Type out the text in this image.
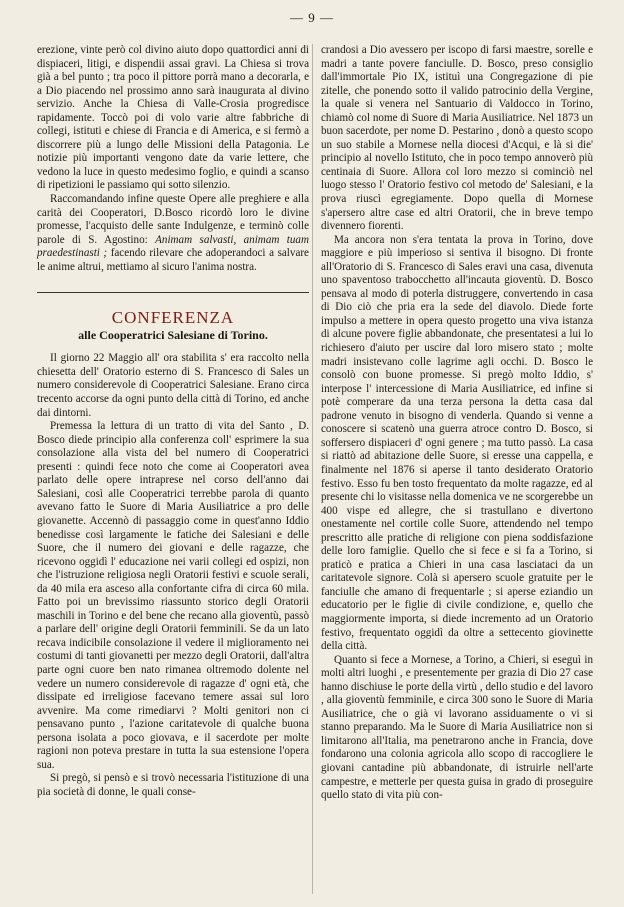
— 9 —

erezione, vinte però col divino aiuto dopo quattordici anni di dispiaceri, litigi, e dispendii assai gravi. La Chiesa si trova già a bel punto ; tra poco il pittore porrà mano a decorarla, e a Dio piacendo nel prossimo anno sarà inaugurata al divino servizio. Anche la Chiesa di Valle-Crosia progredisce rapidamente. Toccò poi di volo varie altre fabbriche di collegi, istituti e chiese di Francia e di America, e si fermò a discorrere più a lungo delle Missioni della Patagonia. Le notizie più importanti vengono date da varie lettere, che vedono la luce in questo medesimo foglio, e quindi a scanso di ripetizioni le passiamo qui sotto silenzio.

Raccomandando infine queste Opere alle preghiere e alla carità dei Cooperatori, D.Bosco ricordò loro le divine promesse, l'acquisto delle sante Indulgenze, e terminò colle parole di S. Agostino: Animam salvasti, animam tuam praedestinasti ; facendo rilevare che adoperandoci a salvare le anime altrui, mettiamo al sicuro l'anima nostra.

CONFERENZA
alle Cooperatrici Salesiane di Torino.

Il giorno 22 Maggio all' ora stabilita s' era raccolto nella chiesetta dell' Oratorio esterno di S. Francesco di Sales un numero considerevole di Cooperatrici Salesiane. Erano circa trecento accorse da ogni punto della città di Torino, ed anche dai dintorni.

Premessa la lettura di un tratto di vita del Santo , D. Bosco diede principio alla conferenza coll' esprimere la sua consolazione alla vista del bel numero di Cooperatrici presenti : quindi fece noto che come ai Cooperatori avea parlato delle opere intraprese nel corso dell'anno dai Salesiani, così alle Cooperatrici terrebbe parola di quanto avevano fatto le Suore di Maria Ausiliatrice a pro delle giovanette. Accennò di passaggio come in quest'anno Iddio benedisse così largamente le fatiche dei Salesiani e delle Suore, che il numero dei giovani e delle ragazze, che ricevono oggidì l' educazione nei varii collegi ed ospizi, non che l'istruzione religiosa negli Oratorii festivi e scuole serali, da 40 mila era asceso alla confortante cifra di circa 60 mila. Fatto poi un brevissimo riassunto storico degli Oratorii maschili in Torino e del bene che recano alla gioventù, passò a parlare dell' origine degli Oratorii femminili. Se da un lato recava indicibile consolazione il vedere il miglioramento nei costumi di tanti giovanetti per mezzo degli Oratorii, dall'altra parte ogni cuore ben nato rimanea oltremodo dolente nel vedere un numero considerevole di ragazze d' ogni età, che dissipate ed irreligiose facevano temere assai sul loro avvenire. Ma come rimediarvi ? Molti genitori non ci pensavano punto , l'azione caritatevole di qualche buona persona isolata a poco giovava, e il sacerdote per molte ragioni non poteva prestare in tutta la sua estensione l'opera sua.

Si pregò, si pensò e si trovò necessaria l'istituzione di una pia società di donne, le quali conse-

crandosi a Dio avessero per iscopo di farsi maestre, sorelle e madri a tante povere fanciulle. D. Bosco, preso consiglio dall'immortale Pio IX, istituì una Congregazione di pie zitelle, che ponendo sotto il valido patrocinio della Vergine, la quale si venera nel Santuario di Valdocco in Torino, chiamò col nome di Suore di Maria Ausiliatrice. Nel 1873 un buon sacerdote, per nome D. Pestarino , donò a questo scopo un suo stabile a Mornese nella diocesi d'Acqui, e là si die' principio al novello Istituto, che in poco tempo annoverò più centinaia di Suore. Allora col loro mezzo si cominciò nel luogo stesso l' Oratorio festivo col metodo de' Salesiani, e la prova riuscì egregiamente. Dopo quella di Mornese s'apersero altre case ed altri Oratorii, che in breve tempo divennero fiorenti.

Ma ancora non s'era tentata la prova in Torino, dove maggiore e più imperioso si sentiva il bisogno. Di fronte all'Oratorio di S. Francesco di Sales eravi una casa, divenuta uno spaventoso trabocchetto all'incauta gioventù. D. Bosco pensava al modo di poterla distruggere, convertendo in casa di Dio ciò che pria era la sede del diavolo. Diede forte impulso a mettere in opera questo progetto una viva istanza di alcune povere figlie abbandonate, che presentatesi a lui lo richiesero d'aiuto per uscire dal loro misero stato ; molte madri insistevano colle lagrime agli occhi. D. Bosco le consolò con buone promesse. Si pregò molto Iddio, s' interpose l' intercessione di Maria Ausiliatrice, ed infine si potè comperare da una terza persona la detta casa dal padrone venuto in bisogno di venderla. Quando si venne a conoscere si scatenò una guerra atroce contro D. Bosco, si soffersero dispiaceri d' ogni genere ; ma tutto passò. La casa si riattò ad abitazione delle Suore, si eresse una cappella, e finalmente nel 1876 si aperse il tanto desiderato Oratorio festivo. Esso fu ben tosto frequentato da molte ragazze, ed al presente chi lo visitasse nella domenica ve ne scorgerebbe un 400 vispe ed allegre, che si trastullano e divertono onestamente nel cortile colle Suore, attendendo nel tempo prescritto alle pratiche di religione con piena soddisfazione delle loro famiglie. Quello che si fece e si fa a Torino, si praticò e pratica a Chieri in una casa lasciataci da un caritatevole signore. Colà si apersero scuole gratuite per le fanciulle che amano di frequentarle ; si aperse eziandio un educatorio per le figlie di civile condizione, e, quello che maggiormente importa, si diede incremento ad un Oratorio festivo, frequentato oggidì da oltre a settecento giovinette della città.

Quanto si fece a Mornese, a Torino, a Chieri, si eseguì in molti altri luoghi , e presentemente per grazia di Dio 27 case hanno dischiuse le porte della virtù , dello studio e del lavoro , alla gioventù femminile, e circa 300 sono le Suore di Maria Ausiliatrice, che o già vi lavorano assiduamente o vi si stanno preparando. Ma le Suore di Maria Ausiliatrice non si limitarono all'Italia, ma penetrarono anche in Francia, dove fondarono una colonia agricola allo scopo di raccogliere le giovani cantadine più abbandonate, di istruirle nell'arte campestre, e metterle per questa guisa in grado di proseguire quello stato di vita più con-
